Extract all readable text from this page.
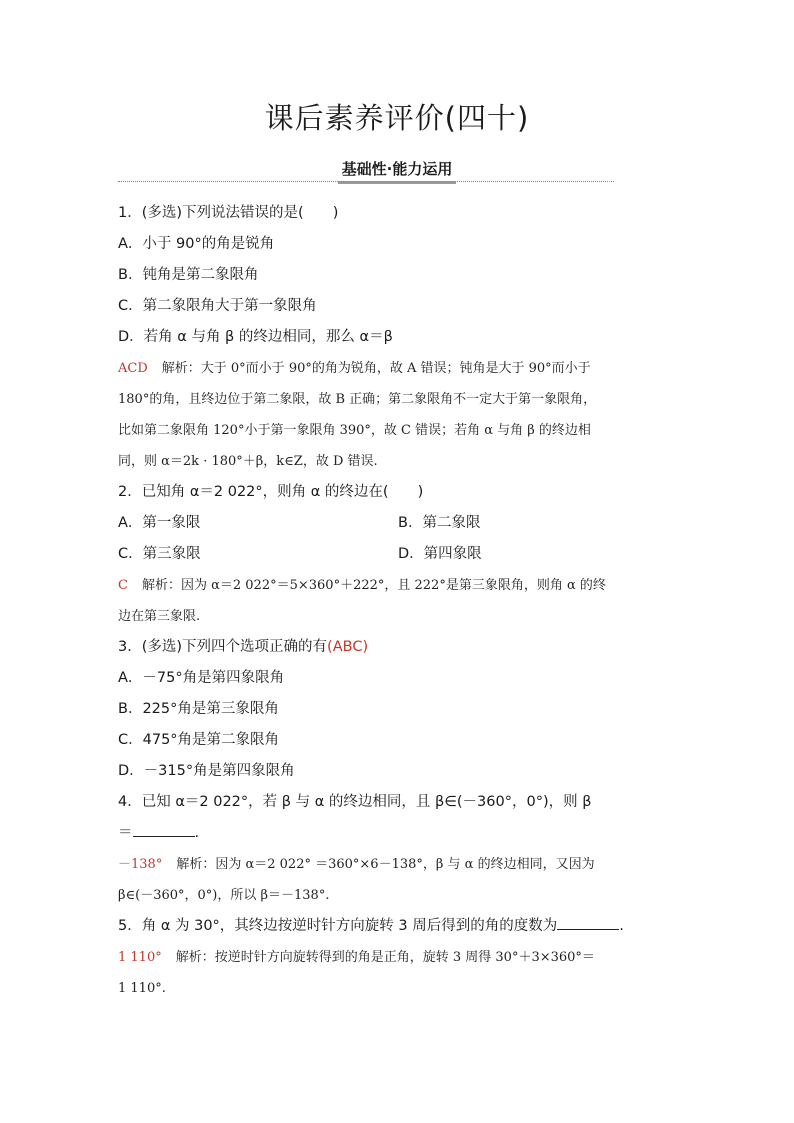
课后素养评价(四十)
基础性·能力运用
1．(多选)下列说法错误的是(　　)
A．小于 90°的角是锐角
B．钝角是第二象限角
C．第二象限角大于第一象限角
D．若角 α 与角 β 的终边相同，那么 α＝β
ACD 解析：大于 0°而小于 90°的角为锐角，故 A 错误；钝角是大于 90°而小于
180°的角，且终边位于第二象限，故 B 正确；第二象限角不一定大于第一象限角，
比如第二象限角 120°小于第一象限角 390°，故 C 错误；若角 α 与角 β 的终边相
同，则 α＝2k · 180°＋β，k∈Z，故 D 错误.
2．已知角 α＝2 022°，则角 α 的终边在(　　)
A．第一象限	B．第二象限
C．第三象限	D．第四象限
C 解析：因为 α＝2 022°＝5×360°＋222°，且 222°是第三象限角，则角 α 的终
边在第三象限.
3．(多选)下列四个选项正确的有(ABC)
A．－75°角是第四象限角
B．225°角是第三象限角
C．475°角是第二象限角
D．－315°角是第四象限角
4．已知 α＝2 022°，若 β 与 α 的终边相同，且 β∈(－360°，0°)，则 β
＝	.
－138° 解析：因为 α＝2 022° ＝360°×6－138°，β 与 α 的终边相同，又因为
β∈(－360°，0°)，所以 β＝－138°.
5．角 α 为 30°，其终边按逆时针方向旋转 3 周后得到的角的度数为	.
1 110° 解析：按逆时针方向旋转得到的角是正角，旋转 3 周得 30°＋3×360°＝
1 110°.
